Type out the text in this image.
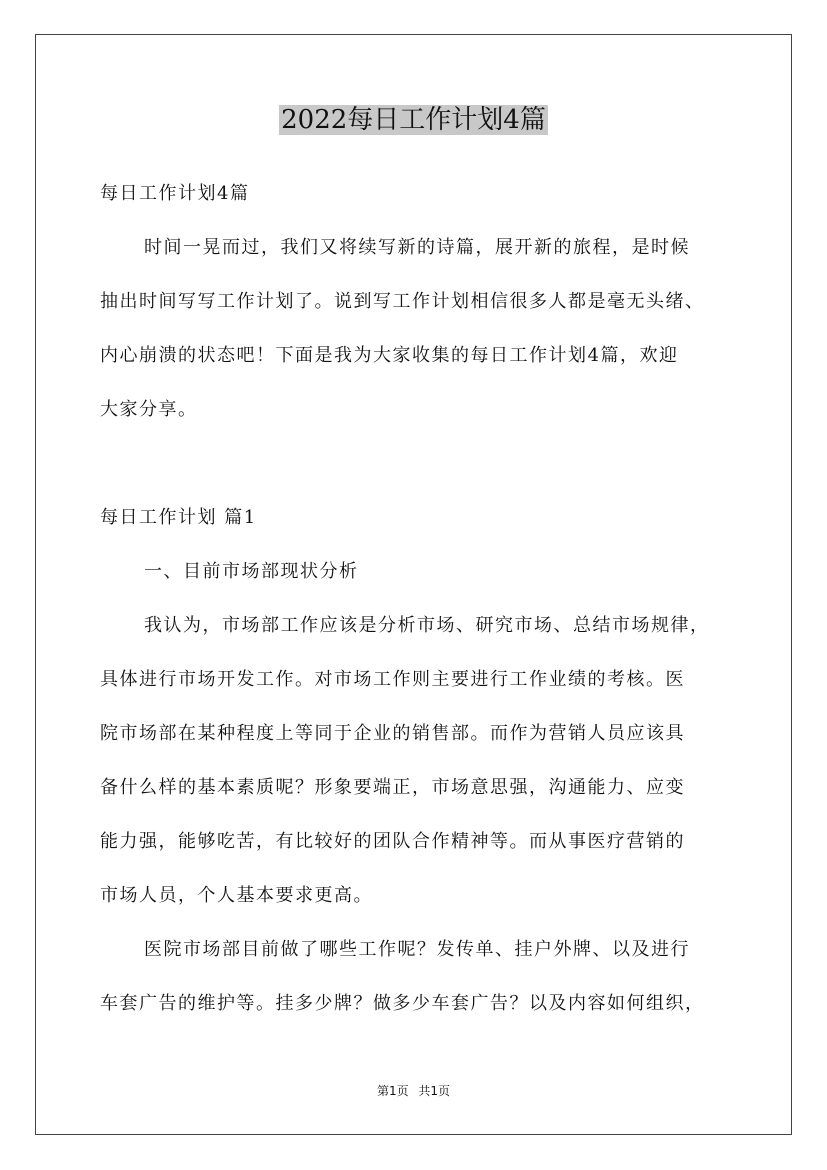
2022每日工作计划4篇
每日工作计划4篇
时间一晃而过，我们又将续写新的诗篇，展开新的旅程，是时候
抽出时间写写工作计划了。说到写工作计划相信很多人都是毫无头绪、
内心崩溃的状态吧！下面是我为大家收集的每日工作计划4篇，欢迎
大家分享。
每日工作计划 篇1
一、目前市场部现状分析
我认为，市场部工作应该是分析市场、研究市场、总结市场规律，
具体进行市场开发工作。对市场工作则主要进行工作业绩的考核。医
院市场部在某种程度上等同于企业的销售部。而作为营销人员应该具
备什么样的基本素质呢？形象要端正，市场意思强，沟通能力、应变
能力强，能够吃苦，有比较好的团队合作精神等。而从事医疗营销的
市场人员，个人基本要求更高。
医院市场部目前做了哪些工作呢？发传单、挂户外牌、以及进行
车套广告的维护等。挂多少牌？做多少车套广告？以及内容如何组织，
第1页 共1页
